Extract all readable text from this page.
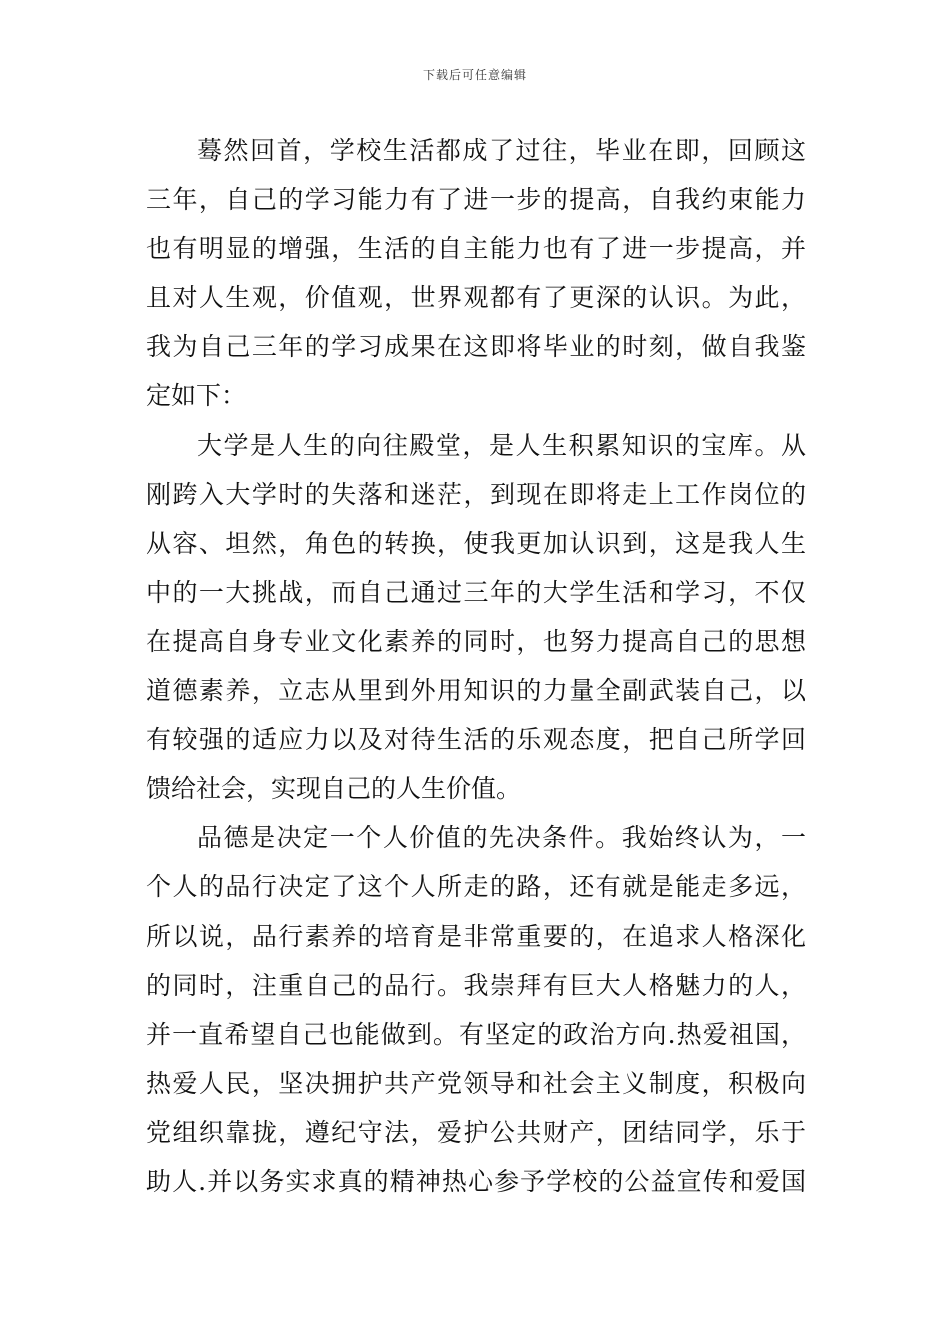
下载后可任意编辑
蓦然回首，学校生活都成了过往，毕业在即，回顾这
三年，自己的学习能力有了进一步的提高，自我约束能力
也有明显的增强，生活的自主能力也有了进一步提高，并
且对人生观，价值观，世界观都有了更深的认识。为此，
我为自己三年的学习成果在这即将毕业的时刻，做自我鉴
定如下：
大学是人生的向往殿堂，是人生积累知识的宝库。从
刚跨入大学时的失落和迷茫，到现在即将走上工作岗位的
从容、坦然，角色的转换，使我更加认识到，这是我人生
中的一大挑战，而自己通过三年的大学生活和学习，不仅
在提高自身专业文化素养的同时，也努力提高自己的思想
道德素养，立志从里到外用知识的力量全副武装自己，以
有较强的适应力以及对待生活的乐观态度，把自己所学回
馈给社会，实现自己的人生价值。
品德是决定一个人价值的先决条件。我始终认为，一
个人的品行决定了这个人所走的路，还有就是能走多远，
所以说，品行素养的培育是非常重要的，在追求人格深化
的同时，注重自己的品行。我崇拜有巨大人格魅力的人，
并一直希望自己也能做到。有坚定的政治方向.热爱祖国，
热爱人民，坚决拥护共产党领导和社会主义制度，积极向
党组织靠拢，遵纪守法，爱护公共财产，团结同学，乐于
助人.并以务实求真的精神热心参予学校的公益宣传和爱国
